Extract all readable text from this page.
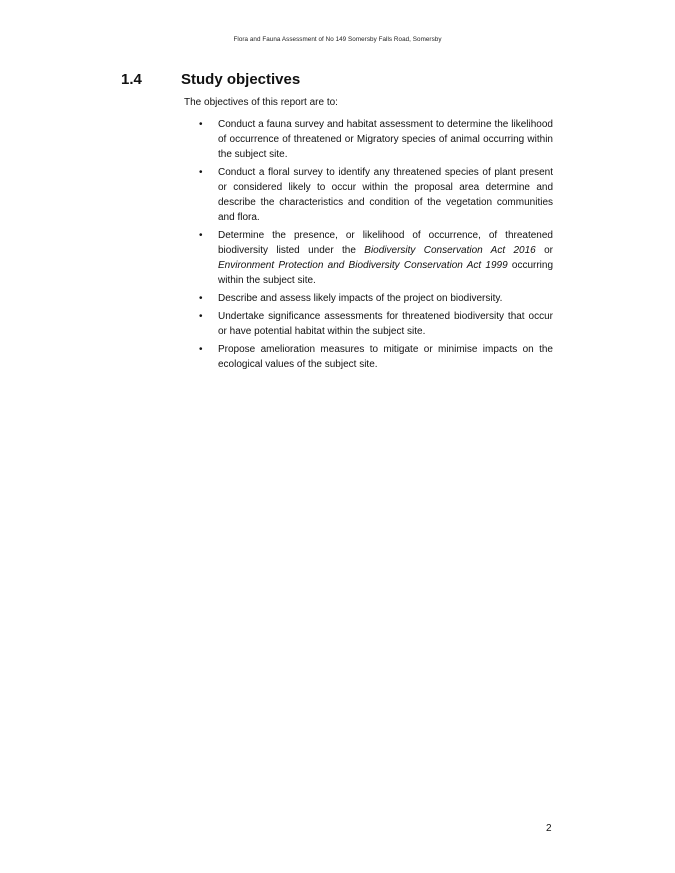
Flora and Fauna Assessment of No 149 Somersby Falls Road, Somersby
1.4	Study objectives
The objectives of this report are to:
• Conduct a fauna survey and habitat assessment to determine the likelihood of occurrence of threatened or Migratory species of animal occurring within the subject site.
• Conduct a floral survey to identify any threatened species of plant present or considered likely to occur within the proposal area determine and describe the characteristics and condition of the vegetation communities and flora.
• Determine the presence, or likelihood of occurrence, of threatened biodiversity listed under the Biodiversity Conservation Act 2016 or Environment Protection and Biodiversity Conservation Act 1999 occurring within the subject site.
• Describe and assess likely impacts of the project on biodiversity.
• Undertake significance assessments for threatened biodiversity that occur or have potential habitat within the subject site.
• Propose amelioration measures to mitigate or minimise impacts on the ecological values of the subject site.
2
